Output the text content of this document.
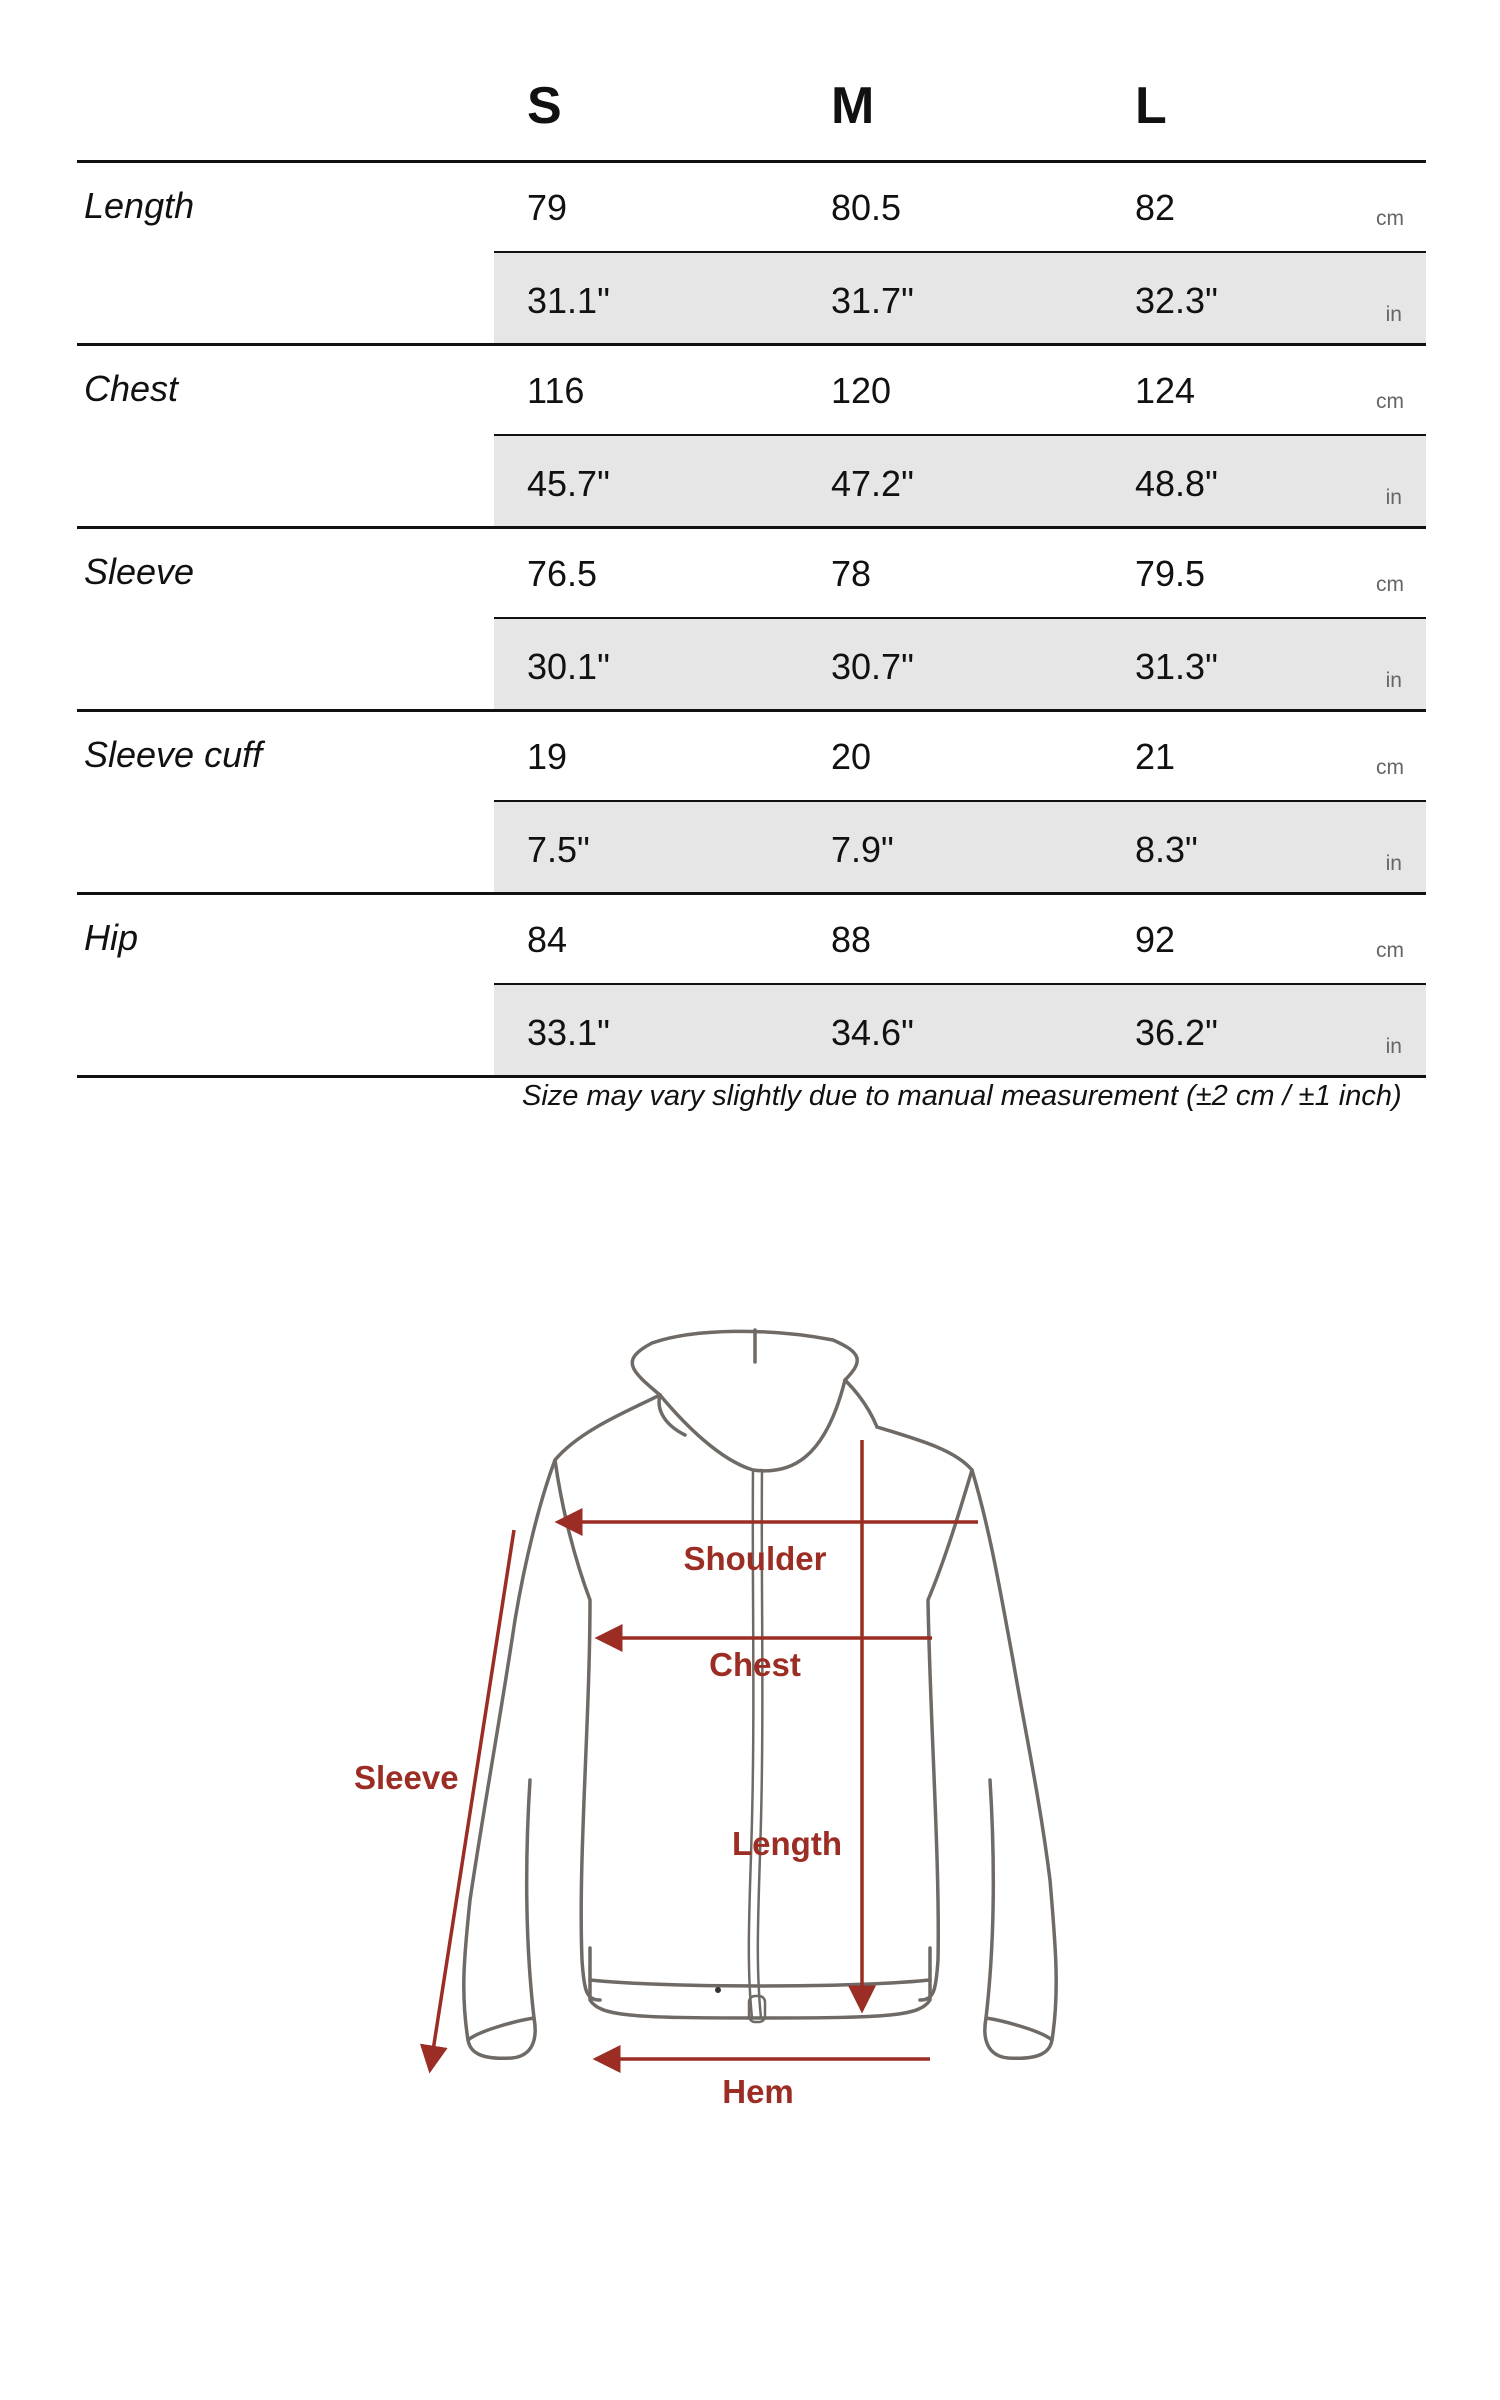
S	M	L
Length	79	80.5	82	cm
31.1"	31.7"	32.3"	in
Chest	116	120	124	cm
45.7"	47.2"	48.8"	in
Sleeve	76.5	78	79.5	cm
30.1"	30.7"	31.3"	in
Sleeve cuff	19	20	21	cm
7.5"	7.9"	8.3"	in
Hip	84	88	92	cm
33.1"	34.6"	36.2"	in
Size may vary slightly due to manual measurement (±2 cm / ±1 inch)
Shoulder
Chest
Sleeve
Length
Hem
